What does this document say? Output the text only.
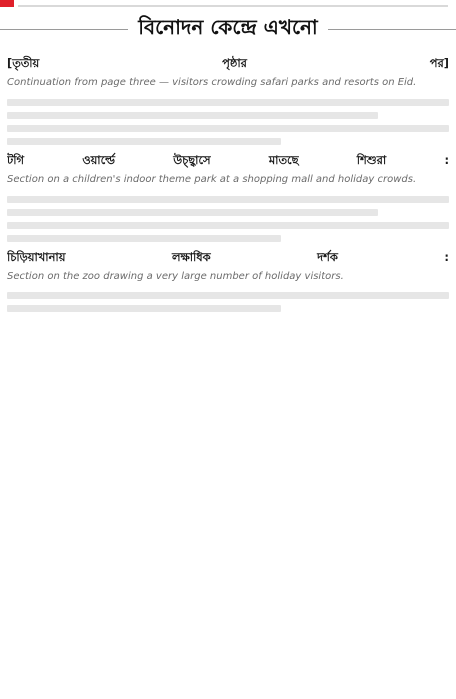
বিনোদন কেন্দ্রে এখনো

[তৃতীয় পৃষ্ঠার পর] Continuation from page three — visitors crowding safari parks and resorts on Eid.

টগি ওয়ার্ল্ডে উচ্ছ্বাসে মাতছে শিশুরা : Section on a children's indoor theme park at a shopping mall and holiday crowds.

চিড়িয়াখানায় লক্ষাধিক দর্শক : Section on the zoo drawing a very large number of holiday visitors.
